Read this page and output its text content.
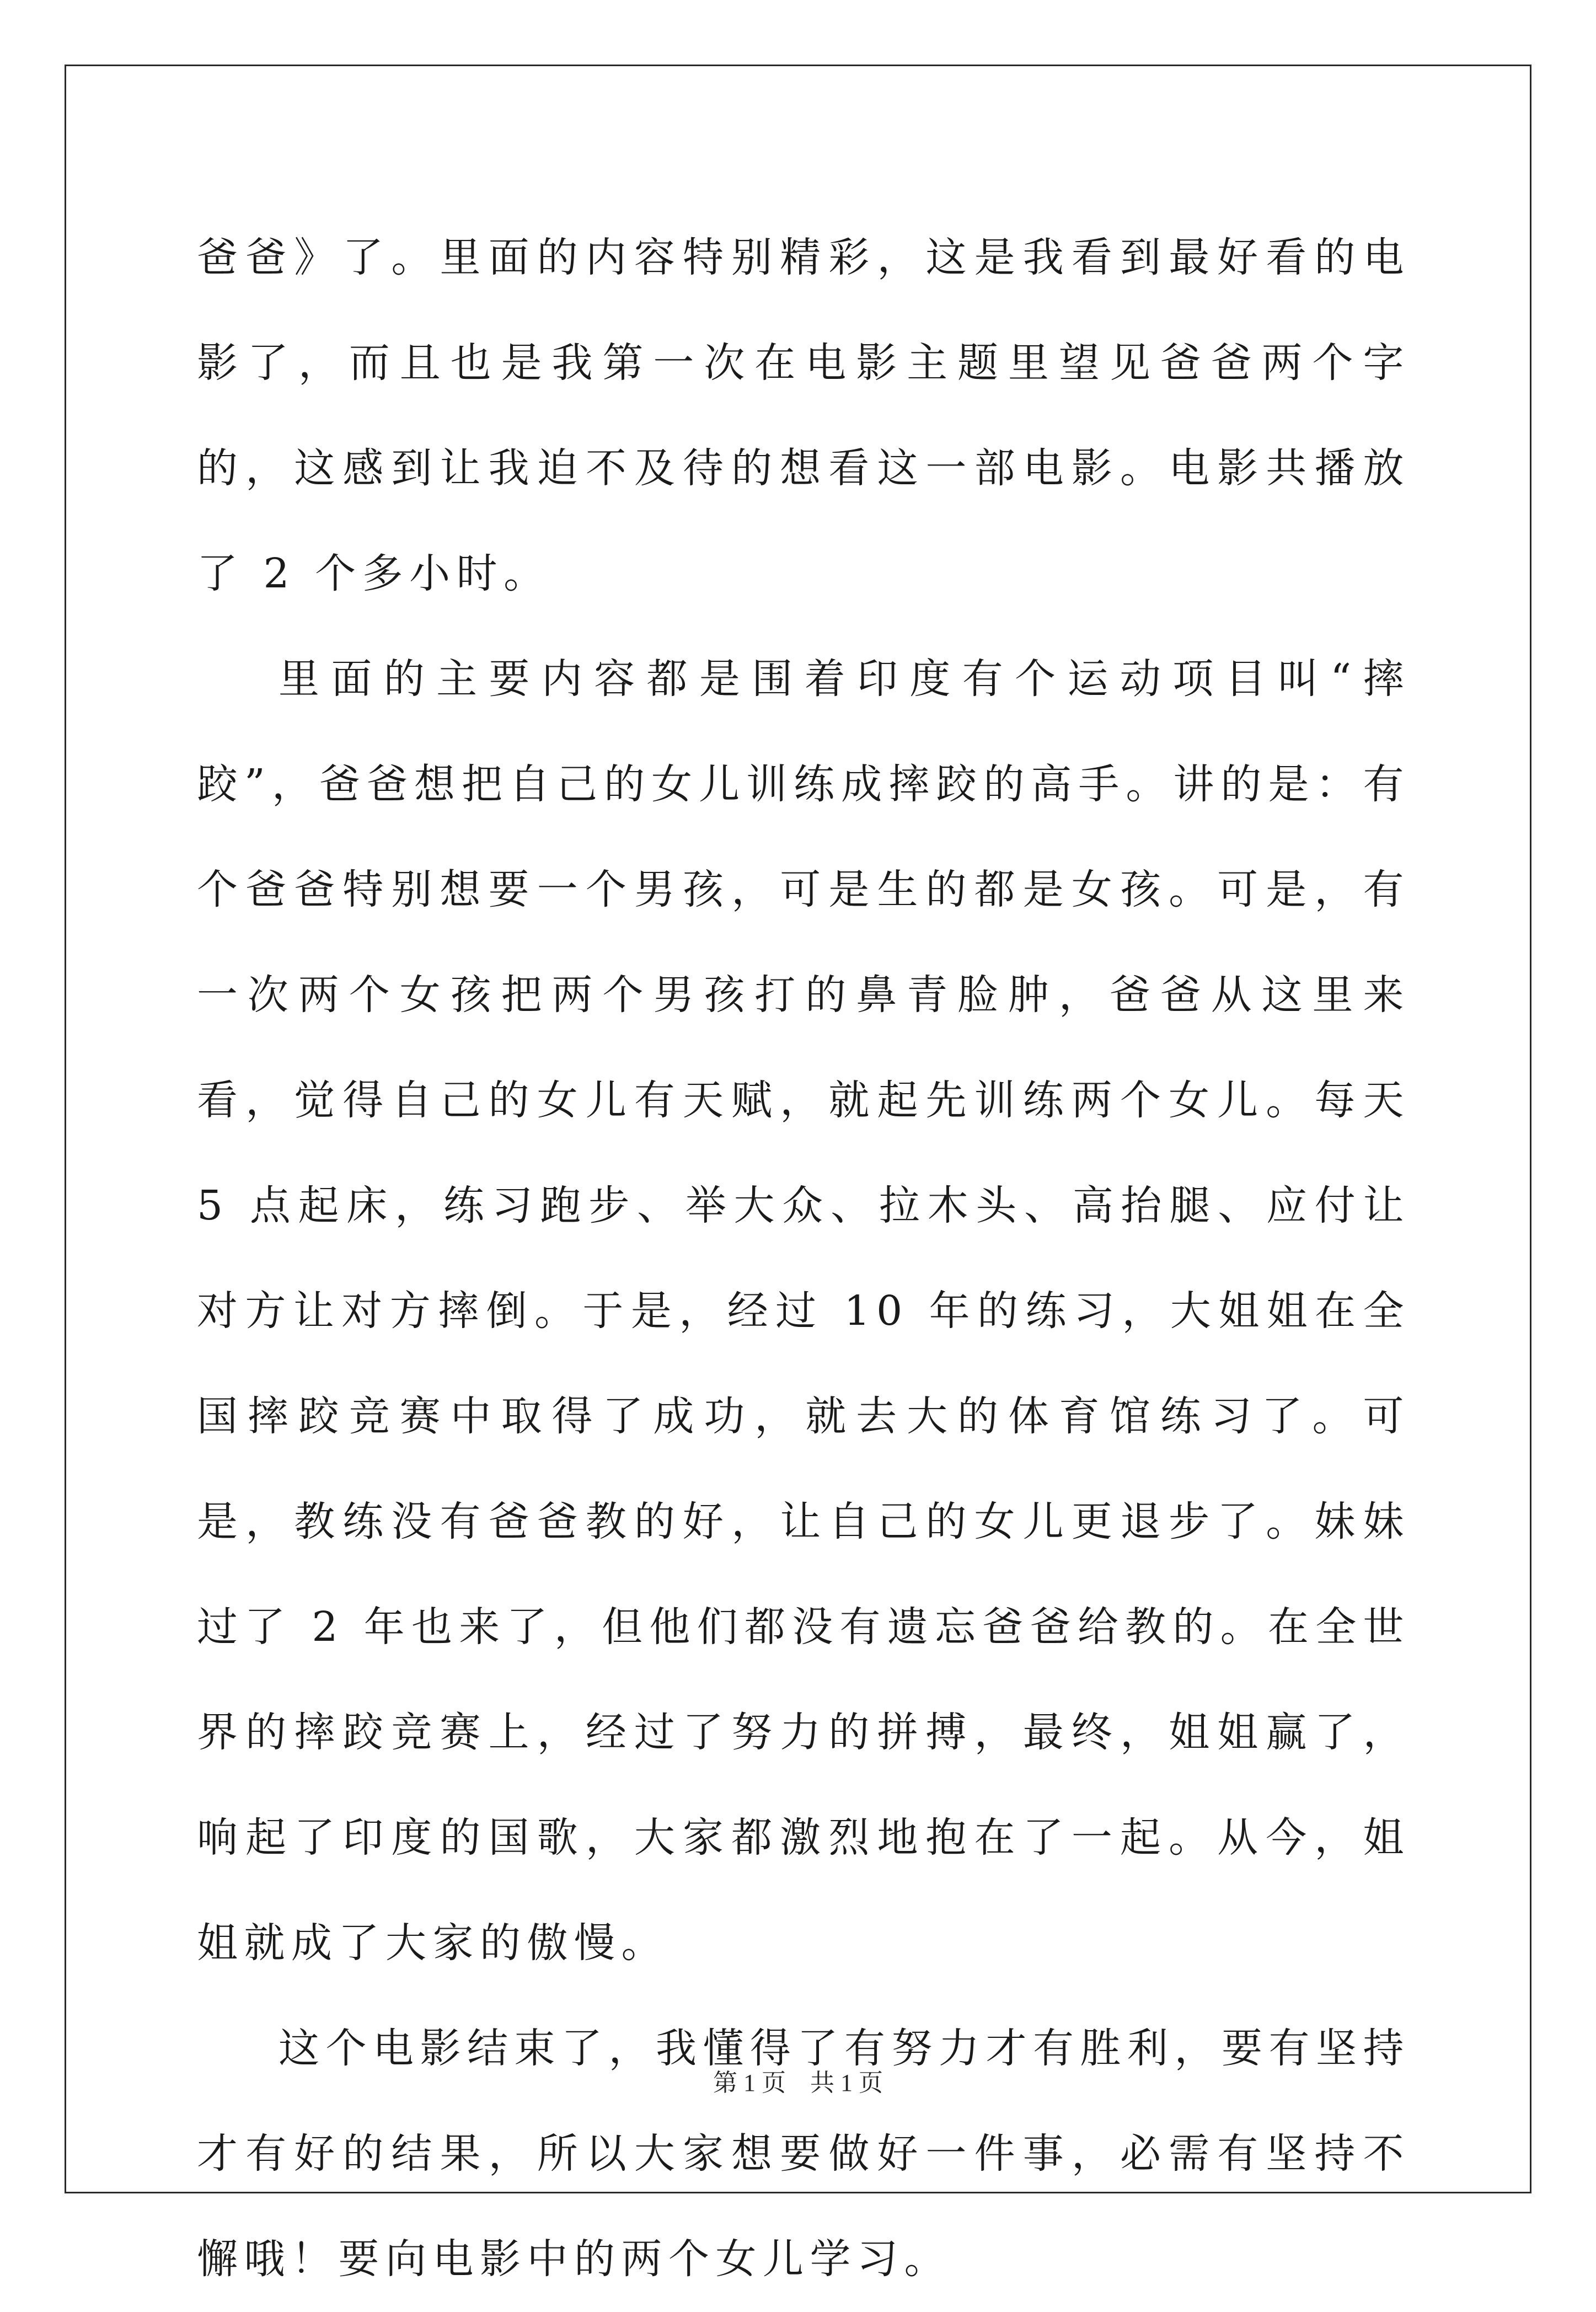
爸爸》了。里面的内容特别精彩，这是我看到最好看的电影了，而且也是我第一次在电影主题里望见爸爸两个字的，这感到让我迫不及待的想看这一部电影。电影共播放了 2 个多小时。

里面的主要内容都是围着印度有个运动项目叫“摔跤”，爸爸想把自己的女儿训练成摔跤的高手。讲的是：有个爸爸特别想要一个男孩，可是生的都是女孩。可是，有一次两个女孩把两个男孩打的鼻青脸肿，爸爸从这里来看，觉得自己的女儿有天赋，就起先训练两个女儿。每天 5 点起床，练习跑步、举大众、拉木头、高抬腿、应付让对方让对方摔倒。于是，经过 10 年的练习，大姐姐在全国摔跤竞赛中取得了成功，就去大的体育馆练习了。可是，教练没有爸爸教的好，让自己的女儿更退步了。妹妹过了 2 年也来了，但他们都没有遗忘爸爸给教的。在全世界的摔跤竞赛上，经过了努力的拼搏，最终，姐姐赢了，响起了印度的国歌，大家都激烈地抱在了一起。从今，姐姐就成了大家的傲慢。

这个电影结束了，我懂得了有努力才有胜利，要有坚持才有好的结果，所以大家想要做好一件事，必需有坚持不懈哦！要向电影中的两个女儿学习。

第 1 页 共 1 页
